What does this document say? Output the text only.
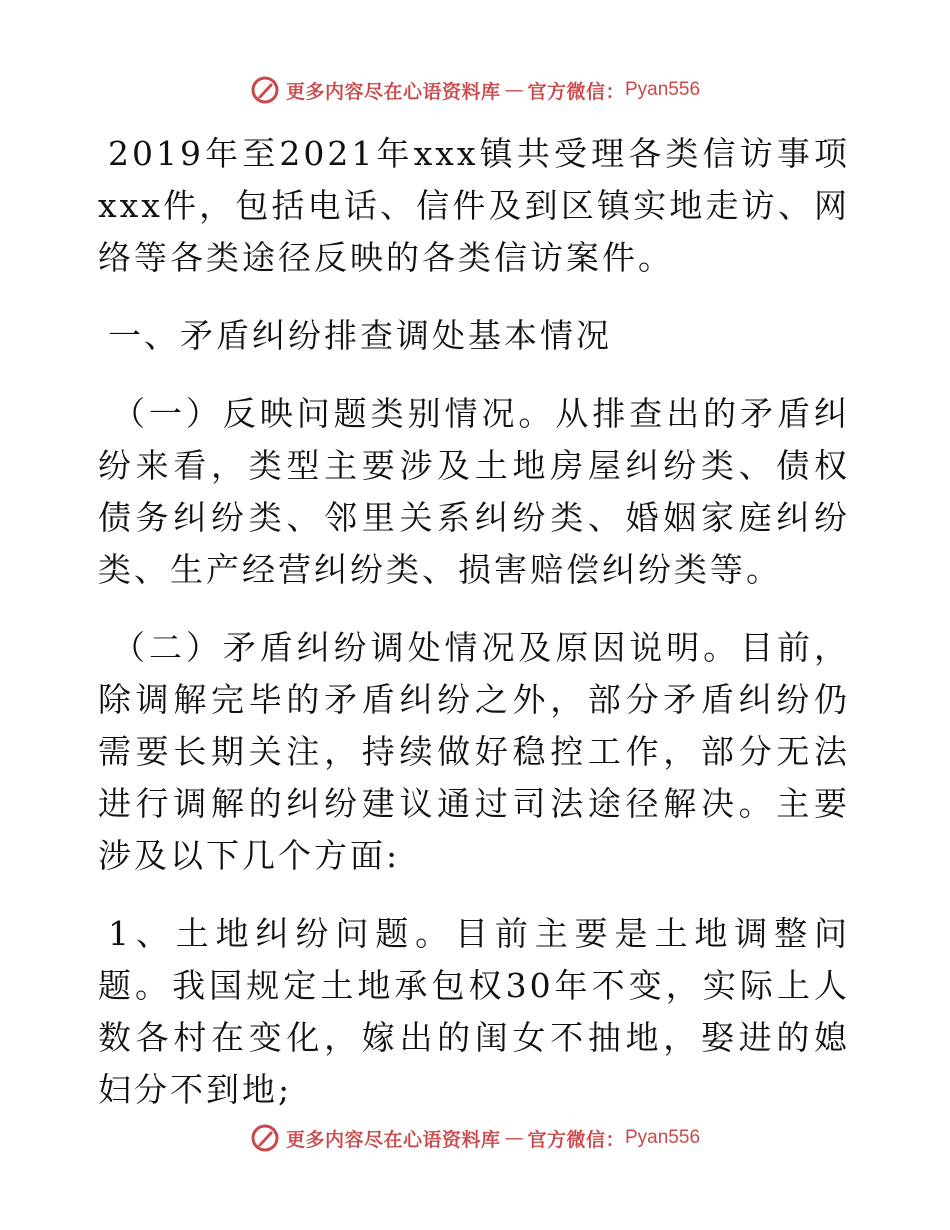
更多内容尽在心语资料库 — 官方微信： Pyan556

2019年至2021年xxx镇共受理各类信访事项xxx件，包括电话、信件及到区镇实地走访、网络等各类途径反映的各类信访案件。

一、矛盾纠纷排查调处基本情况

（一）反映问题类别情况。从排查出的矛盾纠纷来看，类型主要涉及土地房屋纠纷类、债权债务纠纷类、邻里关系纠纷类、婚姻家庭纠纷类、生产经营纠纷类、损害赔偿纠纷类等。

（二）矛盾纠纷调处情况及原因说明。目前，除调解完毕的矛盾纠纷之外，部分矛盾纠纷仍需要长期关注，持续做好稳控工作，部分无法进行调解的纠纷建议通过司法途径解决。主要涉及以下几个方面:

1、土地纠纷问题。目前主要是土地调整问题。我国规定土地承包权30年不变，实际上人数各村在变化，嫁出的闺女不抽地，娶进的媳妇分不到地;

更多内容尽在心语资料库 — 官方微信： Pyan556
